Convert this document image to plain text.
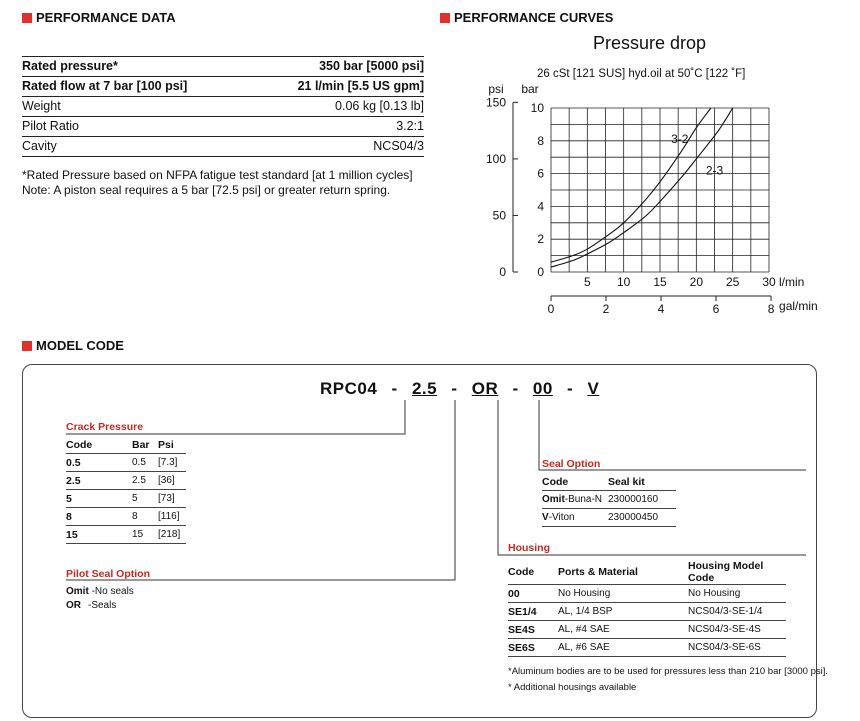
PERFORMANCE DATA
Rated pressure*	350 bar [5000 psi]
Rated flow at 7 bar [100 psi]	21 l/min [5.5 US gpm]
Weight	0.06 kg [0.13 lb]
Pilot Ratio	3.2:1
Cavity	NCS04/3
*Rated Pressure based on NFPA fatigue test standard [at 1 million cycles]
Note: A piston seal requires a 5 bar [72.5 psi] or greater return spring.
PERFORMANCE CURVES
Pressure drop
26 cSt [121 SUS] hyd.oil at 50˚C [122 ˚F]
0
2
4
6
8
10
5 10 15 20 25 30 l/min
bar
0
50
100
150
psi
0	2	4	6	8 gal/min
3-2
2-3
MODEL CODE
RPC04 - 2.5 - OR - 00 - V
Crack Pressure
Code	Bar	Psi
0.5	0.5	[7.3]
2.5	2.5	[36]
5	5	[73]
8	8	[116]
15	15	[218]
Pilot Seal Option
Omit -No seals
OR -Seals
Seal Option
Code	Seal kit
Omit-Buna-N	230000160
V-Viton	230000450
Housing
Code	Ports & Material	Housing Model Code
00	No Housing	No Housing
SE1/4	AL, 1/4 BSP	NCS04/3-SE-1/4
SE4S	AL, #4 SAE	NCS04/3-SE-4S
SE6S	AL, #6 SAE	NCS04/3-SE-6S
*Aluminum bodies are to be used for pressures less than 210 bar [3000 psi].
* Additional housings available
